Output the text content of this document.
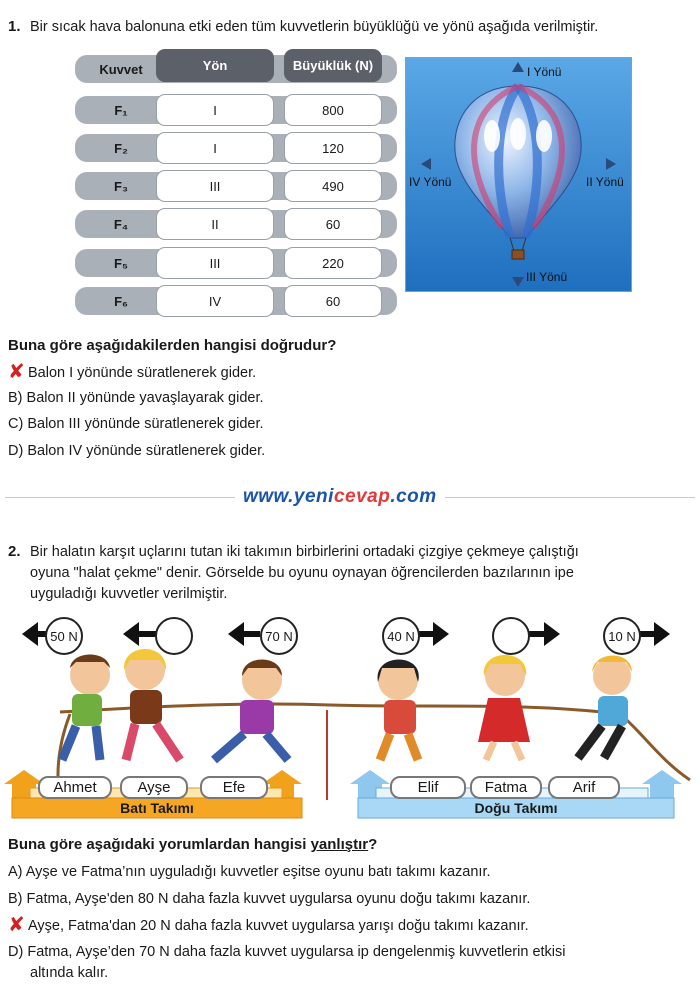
1. Bir sıcak hava balonuna etki eden tüm kuvvetlerin büyüklüğü ve yönü aşağıda verilmiştir.
Kuvvet	Yön	Büyüklük (N)
F₁	I	800
F₂	I	120
F₃	III	490
F₄	II	60
F₅	III	220
F₆	IV	60
I Yönü
II Yönü
III Yönü
IV Yönü
Buna göre aşağıdakilerden hangisi doğrudur?
✘ Balon I yönünde süratlenerek gider.
B) Balon II yönünde yavaşlayarak gider.
C) Balon III yönünde süratlenerek gider.
D) Balon IV yönünde süratlenerek gider.
www.yenicevap.com
2. Bir halatın karşıt uçlarını tutan iki takımın birbirlerini ortadaki çizgiye çekmeye çalıştığı
oyuna "halat çekme" denir. Görselde bu oyunu oynayan öğrencilerden bazılarının ipe
uyguladığı kuvvetler verilmiştir.
50 N	70 N	40 N	10 N
Ahmet	Ayşe	Efe	Elif	Fatma	Arif
Batı Takımı	Doğu Takımı
Buna göre aşağıdaki yorumlardan hangisi yanlıştır?
A) Ayşe ve Fatma’nın uyguladığı kuvvetler eşitse oyunu batı takımı kazanır.
B) Fatma, Ayşe'den 80 N daha fazla kuvvet uygularsa oyunu doğu takımı kazanır.
✘ Ayşe, Fatma'dan 20 N daha fazla kuvvet uygularsa yarışı doğu takımı kazanır.
D) Fatma, Ayşe’den 70 N daha fazla kuvvet uygularsa ip dengelenmiş kuvvetlerin etkisi
altında kalır.
